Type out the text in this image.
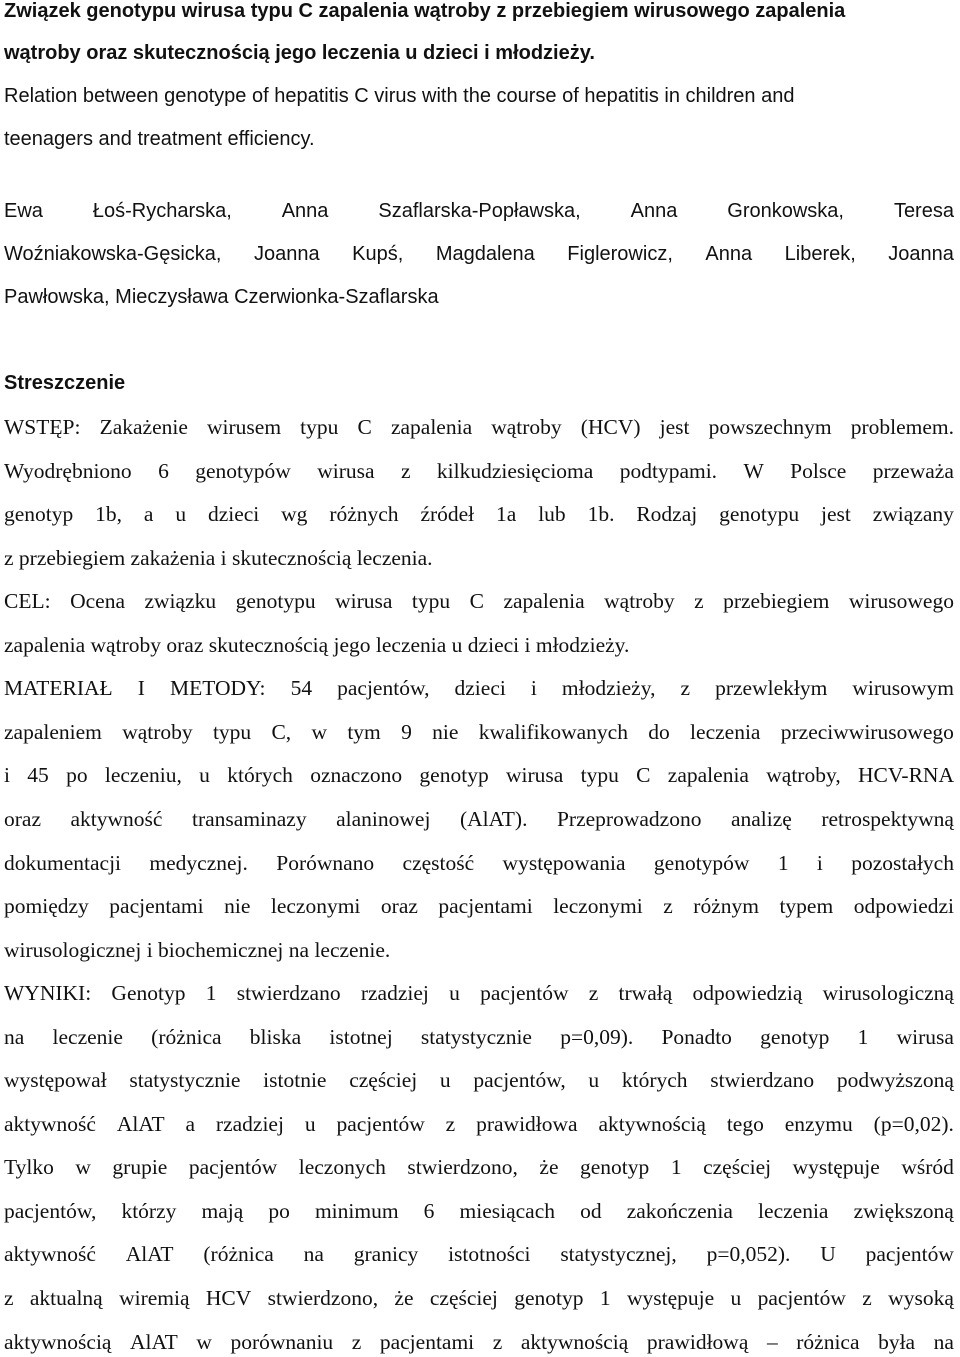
Związek genotypu wirusa typu C zapalenia wątroby z przebiegiem wirusowego zapalenia
wątroby oraz skutecznością jego leczenia u dzieci i młodzieży.
Relation between genotype of hepatitis C virus with the course of hepatitis in children and
teenagers and treatment efficiency.
Ewa Łoś-Rycharska, Anna Szaflarska-Popławska, Anna Gronkowska, Teresa
Woźniakowska-Gęsicka, Joanna Kupś, Magdalena Figlerowicz, Anna Liberek, Joanna
Pawłowska, Mieczysława Czerwionka-Szaflarska
Streszczenie
WSTĘP: Zakażenie wirusem typu C zapalenia wątroby (HCV) jest powszechnym problemem.
Wyodrębniono 6 genotypów wirusa z kilkudziesięcioma podtypami. W Polsce przeważa
genotyp 1b, a u dzieci wg różnych źródeł 1a lub 1b. Rodzaj genotypu jest związany
z przebiegiem zakażenia i skutecznością leczenia.
CEL: Ocena związku genotypu wirusa typu C zapalenia wątroby z przebiegiem wirusowego
zapalenia wątroby oraz skutecznością jego leczenia u dzieci i młodzieży.
MATERIAŁ I METODY: 54 pacjentów, dzieci i młodzieży, z przewlekłym wirusowym
zapaleniem wątroby typu C, w tym 9 nie kwalifikowanych do leczenia przeciwwirusowego
i 45 po leczeniu, u których oznaczono genotyp wirusa typu C zapalenia wątroby, HCV-RNA
oraz aktywność transaminazy alaninowej (AlAT). Przeprowadzono analizę retrospektywną
dokumentacji medycznej. Porównano częstość występowania genotypów 1 i pozostałych
pomiędzy pacjentami nie leczonymi oraz pacjentami leczonymi z różnym typem odpowiedzi
wirusologicznej i biochemicznej na leczenie.
WYNIKI: Genotyp 1 stwierdzano rzadziej u pacjentów z trwałą odpowiedzią wirusologiczną
na leczenie (różnica bliska istotnej statystycznie p=0,09). Ponadto genotyp 1 wirusa
występował statystycznie istotnie częściej u pacjentów, u których stwierdzano podwyższoną
aktywność AlAT a rzadziej u pacjentów z prawidłowa aktywnością tego enzymu (p=0,02).
Tylko w grupie pacjentów leczonych stwierdzono, że genotyp 1 częściej występuje wśród
pacjentów, którzy mają po minimum 6 miesiącach od zakończenia leczenia zwiększoną
aktywność AlAT (różnica na granicy istotności statystycznej, p=0,052). U pacjentów
z aktualną wiremią HCV stwierdzono, że częściej genotyp 1 występuje u pacjentów z wysoką
aktywnością AlAT w porównaniu z pacjentami z aktywnością prawidłową – różnica była na
